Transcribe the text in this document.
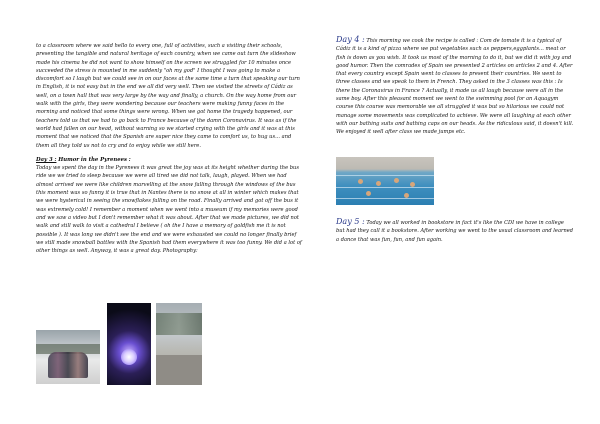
to a classroom where we said hello to every one, full of activities, such a visiting their schools, presenting the tangible and natural heritage of each country, when we came out turn the slideshow made his cinema he did not want to show himself on the screen we struggled for 10 minutes once succeeded the stress is mounted in me suddenly "oh my god" I thought I was going to make a discomfort so I laugh but we could see in on our faces at the same time a turn that speaking our turn in English, it is not easy but in the end we all did very well. Then we visited the streets of Cádiz as well, on a town hall that was very large by the way and finally, a church. On the way home from our walk with the girls, they were wondering because our teachers were making funny faces in the morning and noticed that some things were wrong. When we got home the tragedy happened, our teachers told us that we had to go back to France because of the damn Coronavirus. It was as if the world had fallen on our head, without warning so we started crying with the girls and it was at this moment that we noticed that the Spanish are super nice they came to comfort us, to hug us... and them all they told us not to cry and to enjoy while we still here.

Day 3 : Humor in the Pyrenees :

Today we spent the day in the Pyrenees it was great the joy was at its height whether during the bus ride we we tried to sleep because we were all tired we did not talk, laugh, played. When we had almost arrived we were like children marvelling at the snow falling through the windows of the bus this moment was so funny it is true that in Nantes there is no snow at all in winter which makes that we were hysterical in seeing the snowflakes falling on the road. Finally arrived and got off the bus it was extremely cold! I remember a moment when we went into a museum if my memories were good and we saw a video but I don't remember what it was about. After that we made pictures, we did not walk and still walk to visit a cathedral I believe ( oh the I have a memory of goldfish me it is not possible ). It was long we didn't see the end and we were exhausted we could no longer finally brief we still made snowball battles with the Spanish had them everywhere it was too funny. We did a lot of other things as well. Anyway, it was a great day. Photography:

Day 4 : This morning we cook the recipe is called : Com de tomate it is a typical of Cádiz it is a kind of pizza where we put vegetables such as peppers,eggplants... meat or fish is down as you wish. It took us most of the morning to do it, but we did it with joy and good humor. Then the comrades of Spain we presented 2 articles on articles 2 and 4. After that every country except Spain went to classes to present their countries. We went to three classes and we speak to them in French. They asked in the 3 classes was this : Is there the Coronavirus in France ? Actually, it made us all laugh because were all in the same boy. After this pleasant moment we went to the swimming pool for an Aquagym course this course was memorable we all struggled it was but so hilarious we could not manage some movements was complicated to achieve. We were all laughing at each other with our bathing suits and bathing caps on our heads. As the ridiculous said, it doesn't kill. We enjoyed it well after class we made jumps etc.

Day 5 : Today we all worked in bookstore in fact it's like the CDI we have in college but had they call it a bookstore. After working we went to the usual classroom and learned a dance that was fun, fun, and fun again.
